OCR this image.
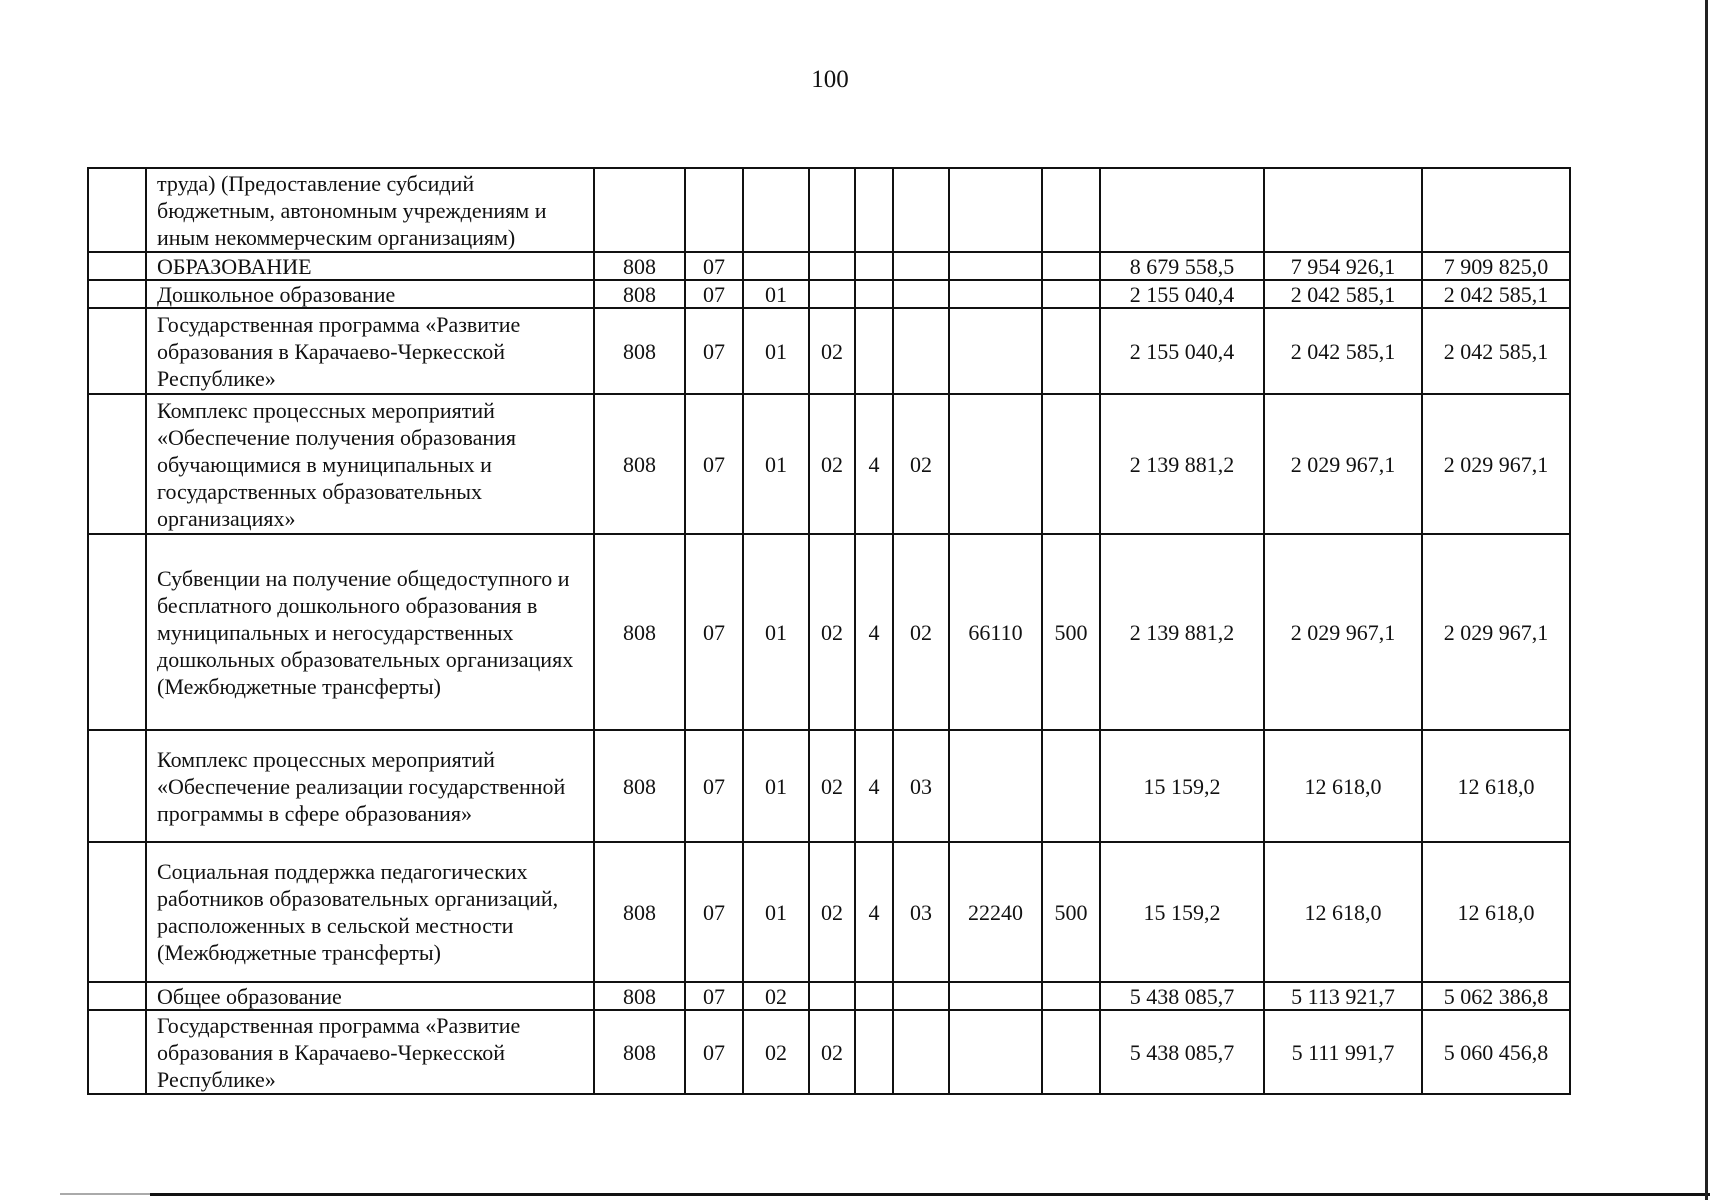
100
	труда) (Предоставление субсидий бюджетным, автономным учреждениям и иным некоммерческим организациям)											
	ОБРАЗОВАНИЕ	808	07							8 679 558,5	7 954 926,1	7 909 825,0
	Дошкольное образование	808	07	01						2 155 040,4	2 042 585,1	2 042 585,1
	Государственная программа «Развитие образования в Карачаево-Черкесской Республике»	808	07	01	02					2 155 040,4	2 042 585,1	2 042 585,1
	Комплекс процессных мероприятий «Обеспечение получения образования обучающимися в муниципальных и государственных образовательных организациях»	808	07	01	02	4	02			2 139 881,2	2 029 967,1	2 029 967,1
	Субвенции на получение общедоступного и бесплатного дошкольного образования в муниципальных и негосударственных дошкольных образовательных организациях (Межбюджетные трансферты)	808	07	01	02	4	02	66110	500	2 139 881,2	2 029 967,1	2 029 967,1
	Комплекс процессных мероприятий «Обеспечение реализации государственной программы в сфере образования»	808	07	01	02	4	03			15 159,2	12 618,0	12 618,0
	Социальная поддержка педагогических работников образовательных организаций, расположенных в сельской местности (Межбюджетные трансферты)	808	07	01	02	4	03	22240	500	15 159,2	12 618,0	12 618,0
	Общее образование	808	07	02						5 438 085,7	5 113 921,7	5 062 386,8
	Государственная программа «Развитие образования в Карачаево-Черкесской Республике»	808	07	02	02					5 438 085,7	5 111 991,7	5 060 456,8
